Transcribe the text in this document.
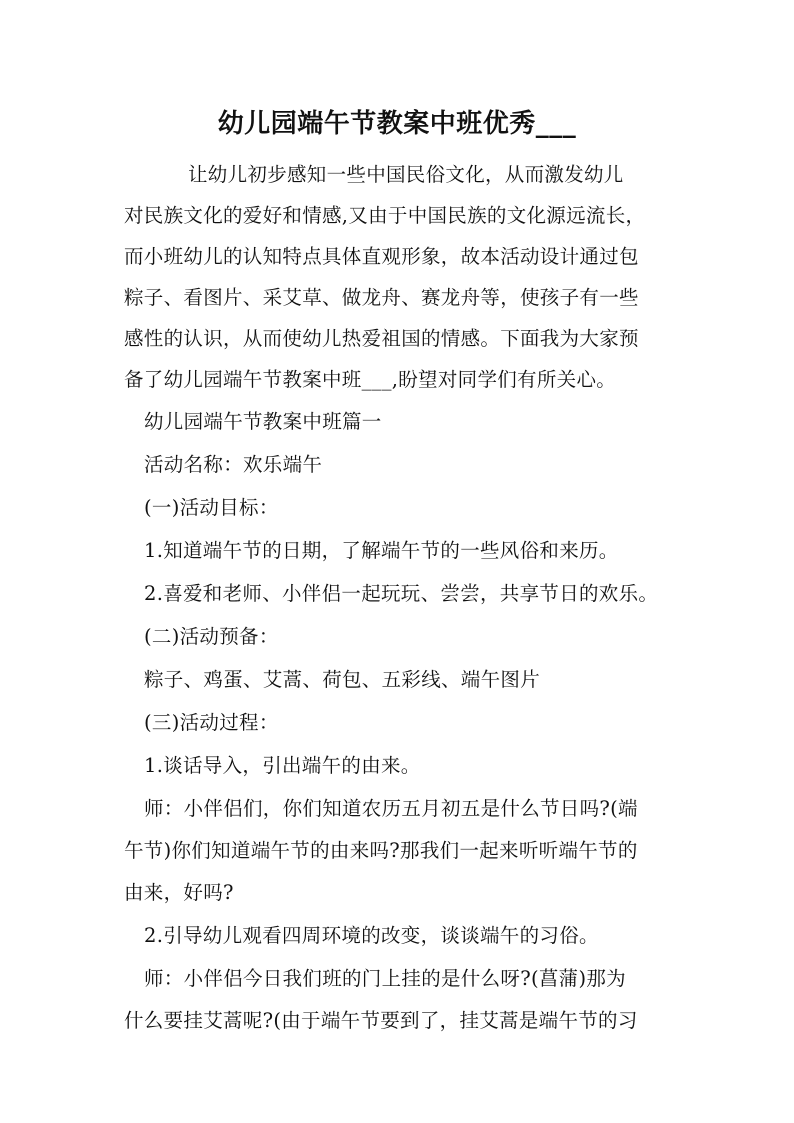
幼儿园端午节教案中班优秀___
让幼儿初步感知一些中国民俗文化，从而激发幼儿
对民族文化的爱好和情感,又由于中国民族的文化源远流长，
而小班幼儿的认知特点具体直观形象，故本活动设计通过包
粽子、看图片、采艾草、做龙舟、赛龙舟等，使孩子有一些
感性的认识，从而使幼儿热爱祖国的情感。下面我为大家预
备了幼儿园端午节教案中班___,盼望对同学们有所关心。
幼儿园端午节教案中班篇一
活动名称：欢乐端午
(一)活动目标：
1.知道端午节的日期，了解端午节的一些风俗和来历。
2.喜爱和老师、小伴侣一起玩玩、尝尝，共享节日的欢乐。
(二)活动预备：
粽子、鸡蛋、艾蒿、荷包、五彩线、端午图片
(三)活动过程：
1.谈话导入，引出端午的由来。
师：小伴侣们，你们知道农历五月初五是什么节日吗?(端
午节)你们知道端午节的由来吗?那我们一起来听听端午节的
由来，好吗?
2.引导幼儿观看四周环境的改变，谈谈端午的习俗。
师：小伴侣今日我们班的门上挂的是什么呀?(菖蒲)那为
什么要挂艾蒿呢?(由于端午节要到了，挂艾蒿是端午节的习
